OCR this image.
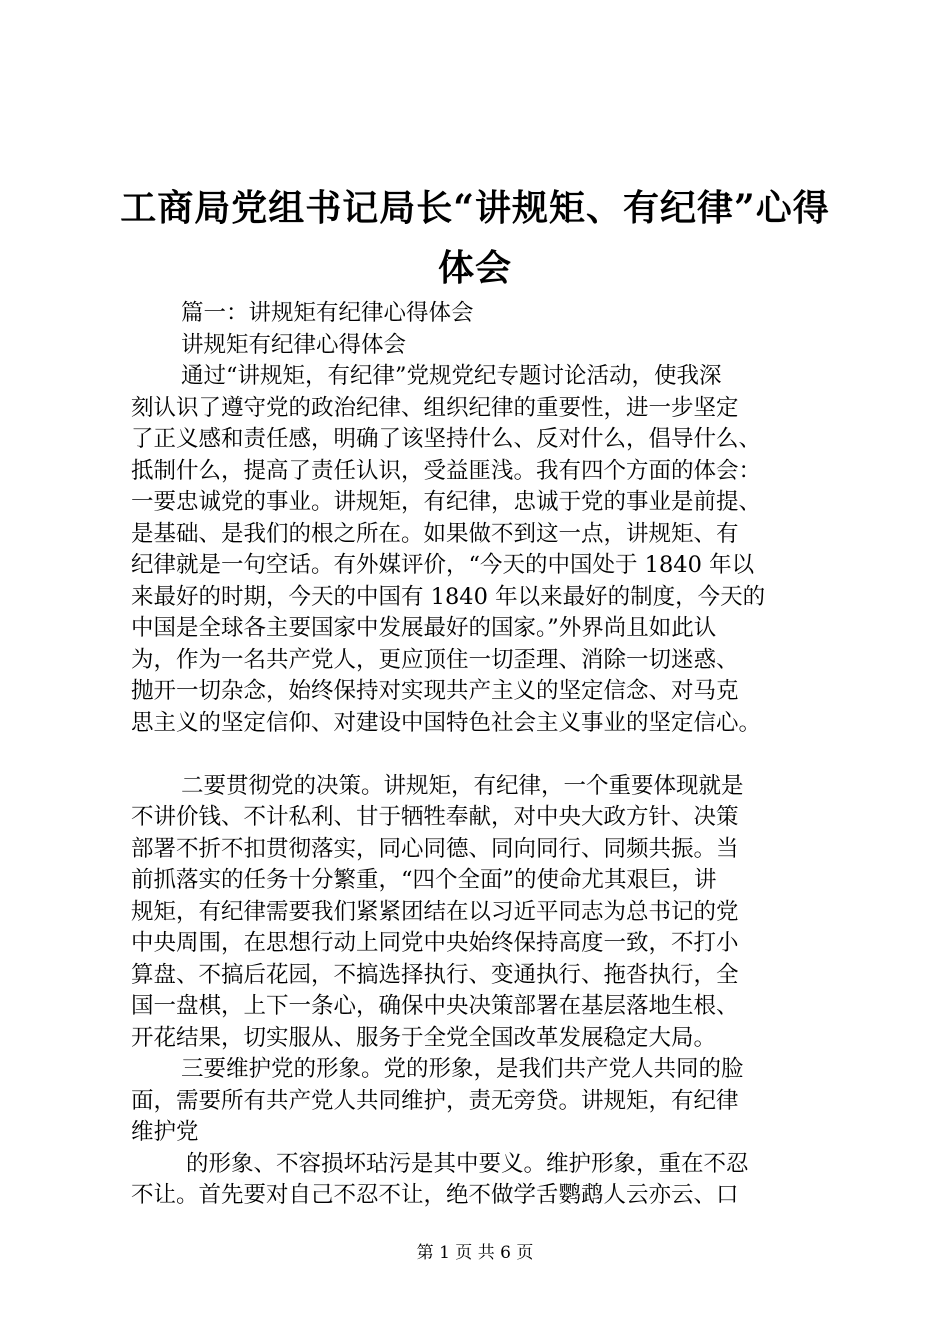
工商局党组书记局长“讲规矩、有纪律”心得
体会
篇一：讲规矩有纪律心得体会
讲规矩有纪律心得体会
通过“讲规矩，有纪律”党规党纪专题讨论活动，使我深
刻认识了遵守党的政治纪律、组织纪律的重要性，进一步坚定
了正义感和责任感，明确了该坚持什么、反对什么，倡导什么、
抵制什么，提高了责任认识，受益匪浅。我有四个方面的体会：
一要忠诚党的事业。讲规矩，有纪律，忠诚于党的事业是前提、
是基础、是我们的根之所在。如果做不到这一点，讲规矩、有
纪律就是一句空话。有外媒评价，“今天的中国处于 1840 年以
来最好的时期，今天的中国有 1840 年以来最好的制度，今天的
中国是全球各主要国家中发展最好的国家。”外界尚且如此认
为，作为一名共产党人，更应顶住一切歪理、消除一切迷惑、
抛开一切杂念，始终保持对实现共产主义的坚定信念、对马克
思主义的坚定信仰、对建设中国特色社会主义事业的坚定信心。
二要贯彻党的决策。讲规矩，有纪律，一个重要体现就是
不讲价钱、不计私利、甘于牺牲奉献，对中央大政方针、决策
部署不折不扣贯彻落实，同心同德、同向同行、同频共振。当
前抓落实的任务十分繁重，“四个全面”的使命尤其艰巨，讲
规矩，有纪律需要我们紧紧团结在以习近平同志为总书记的党
中央周围，在思想行动上同党中央始终保持高度一致，不打小
算盘、不搞后花园，不搞选择执行、变通执行、拖沓执行，全
国一盘棋，上下一条心，确保中央决策部署在基层落地生根、
开花结果，切实服从、服务于全党全国改革发展稳定大局。
三要维护党的形象。党的形象，是我们共产党人共同的脸
面，需要所有共产党人共同维护，责无旁贷。讲规矩，有纪律
维护党
的形象、不容损坏玷污是其中要义。维护形象，重在不忍
不让。首先要对自己不忍不让，绝不做学舌鹦鹉人云亦云、口
第 1 页 共 6 页
